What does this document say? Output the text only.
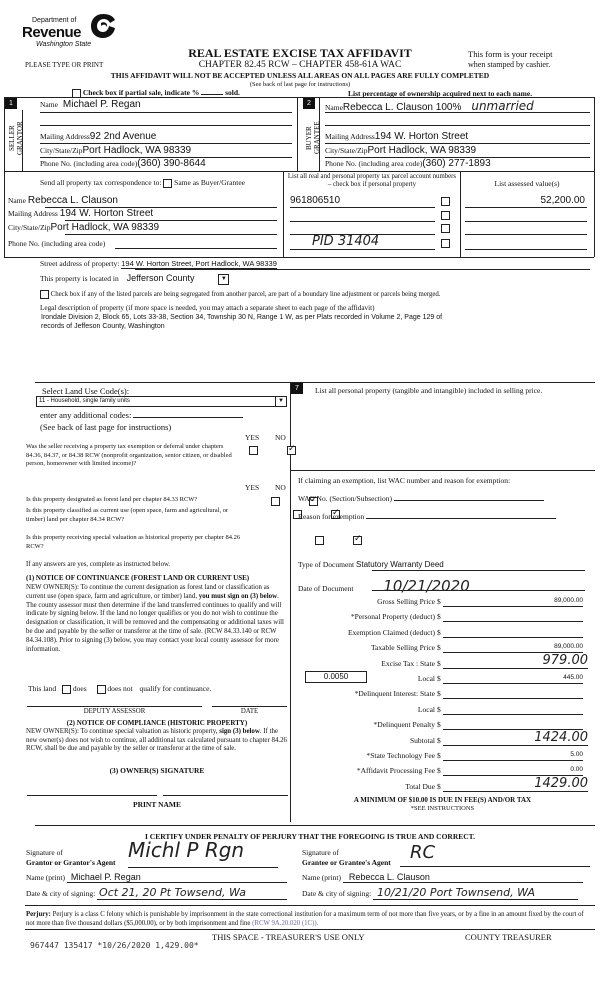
Department of
Revenue
Washington State
REAL ESTATE EXCISE TAX AFFIDAVIT
CHAPTER 82.45 RCW – CHAPTER 458-61A WAC
PLEASE TYPE OR PRINT
This form is your receipt
when stamped by cashier.
THIS AFFIDAVIT WILL NOT BE ACCEPTED UNLESS ALL AREAS ON ALL PAGES ARE FULLY COMPLETED
(See back of last page for instructions)
Check box if partial sale, indicate %	sold.	List percentage of ownership acquired next to each name.
1
SELLER GRANTOR
Name Michael P. Regan
Mailing Address92 2nd Avenue
City/State/ZipPort Hadlock, WA 98339
Phone No. (including area code)(360) 390-8644
2
BUYER GRANTEE
NameRebecca L. Clauson 100% unmarried
Mailing Address194 W. Horton Street
City/State/ZipPort Hadlock, WA 98339
Phone No. (including area code)(360) 277-1893
Send all property tax correspondence to: Same as Buyer/Grantee
Name Rebecca L. Clauson
Mailing Address 194 W. Horton Street
City/State/ZipPort Hadlock, WA 98339
Phone No. (including area code)
List all real and personal property tax parcel account numbers – check box if personal property	List assessed value(s)
961806510	52,200.00
PID 31404
Street address of property: 194 W. Horton Street, Port Hadlock, WA 98339
This property is located in Jefferson County	▼
Check box if any of the listed parcels are being segregated from another parcel, are part of a boundary line adjustment or parcels being merged.
Legal description of property (if more space is needed, you may attach a separate sheet to each page of the affidavit)
Irondale Division 2, Block 65, Lots 33-38, Section 34, Township 30 N, Range 1 W, as per Plats recorded in Volume 2, Page 129 of
records of Jeffeson County, Washington
Select Land Use Code(s):
11 - Household, single family units	▼
enter any additional codes:
(See back of last page for instructions)
YES NO
Was the seller receiving a property tax exemption or deferral under chapters 84.36, 84.37, or 84.38 RCW (nonprofit organization, senior citizen, or disabled person, homeowner with limited income)?
✓
YES NO
Is this property designated as forest land per chapter 84.33 RCW?
✓
Is this property classified as current use (open space, farm and agricultural, or timber) land per chapter 84.34 RCW?
✓
Is this property receiving special valuation as historical property per chapter 84.26 RCW?
✓
If any answers are yes, complete as instructed below.
(1) NOTICE OF CONTINUANCE (FOREST LAND OR CURRENT USE)
NEW OWNER(S): To continue the current designation as forest land or classification as current use (open space, farm and agriculture, or timber) land, you must sign on (3) below. The county assessor must then determine if the land transferred continues to qualify and will indicate by signing below. If the land no longer qualifies or you do not wish to continue the designation or classification, it will be removed and the compensating or additional taxes will be due and payable by the seller or transferor at the time of sale. (RCW 84.33.140 or RCW 84.34.108). Prior to signing (3) below, you may contact your local county assessor for more information.
This land does	does not qualify for continuance.
DEPUTY ASSESSOR	DATE
(2) NOTICE OF COMPLIANCE (HISTORIC PROPERTY)
NEW OWNER(S): To continue special valuation as historic property, sign (3) below. If the new owner(s) does not wish to continue, all additional tax calculated pursuant to chapter 84.26 RCW, shall be due and payable by the seller or transferor at the time of sale.
(3) OWNER(S) SIGNATURE
PRINT NAME
7	List all personal property (tangible and intangible) included in selling price.
If claiming an exemption, list WAC number and reason for exemption:
WAC No. (Section/Subsection)
Reason for exemption
Type of Document Statutory Warranty Deed
Date of Document 10/21/2020
Gross Selling Price $	89,000.00
*Personal Property (deduct) $
Exemption Claimed (deduct) $
Taxable Selling Price $	89,000.00
Excise Tax : State $	979.00
0.0050	Local $	445.00
*Delinquent Interest: State $
Local $
*Delinquent Penalty $
Subtotal $	1424.00
*State Technology Fee $	5.00
*Affidavit Processing Fee $	0.00
Total Due $	1429.00
A MINIMUM OF $10.00 IS DUE IN FEE(S) AND/OR TAX
*SEE INSTRUCTIONS
I CERTIFY UNDER PENALTY OF PERJURY THAT THE FOREGOING IS TRUE AND CORRECT.
Signature of
Grantor or Grantor's Agent
Michl P Rgn
Name (print) Michael P. Regan
Date & city of signing: Oct 21, 20 Pt Towsend, Wa
Signature of
Grantee or Grantee's Agent	RC
Name (print) Rebecca L. Clauson
Date & city of signing: 10/21/20 Port Townsend, WA
Perjury: Perjury is a class C felony which is punishable by imprisonment in the state correctional institution for a maximum term of not more than five years, or by a fine in an amount fixed by the court of not more than five thousand dollars ($5,000.00), or by both imprisonment and fine (RCW 9A.20.020 (1C)).
THIS SPACE - TREASURER'S USE ONLY	COUNTY TREASURER
967447 135417 *10/26/2020 1,429.00*
